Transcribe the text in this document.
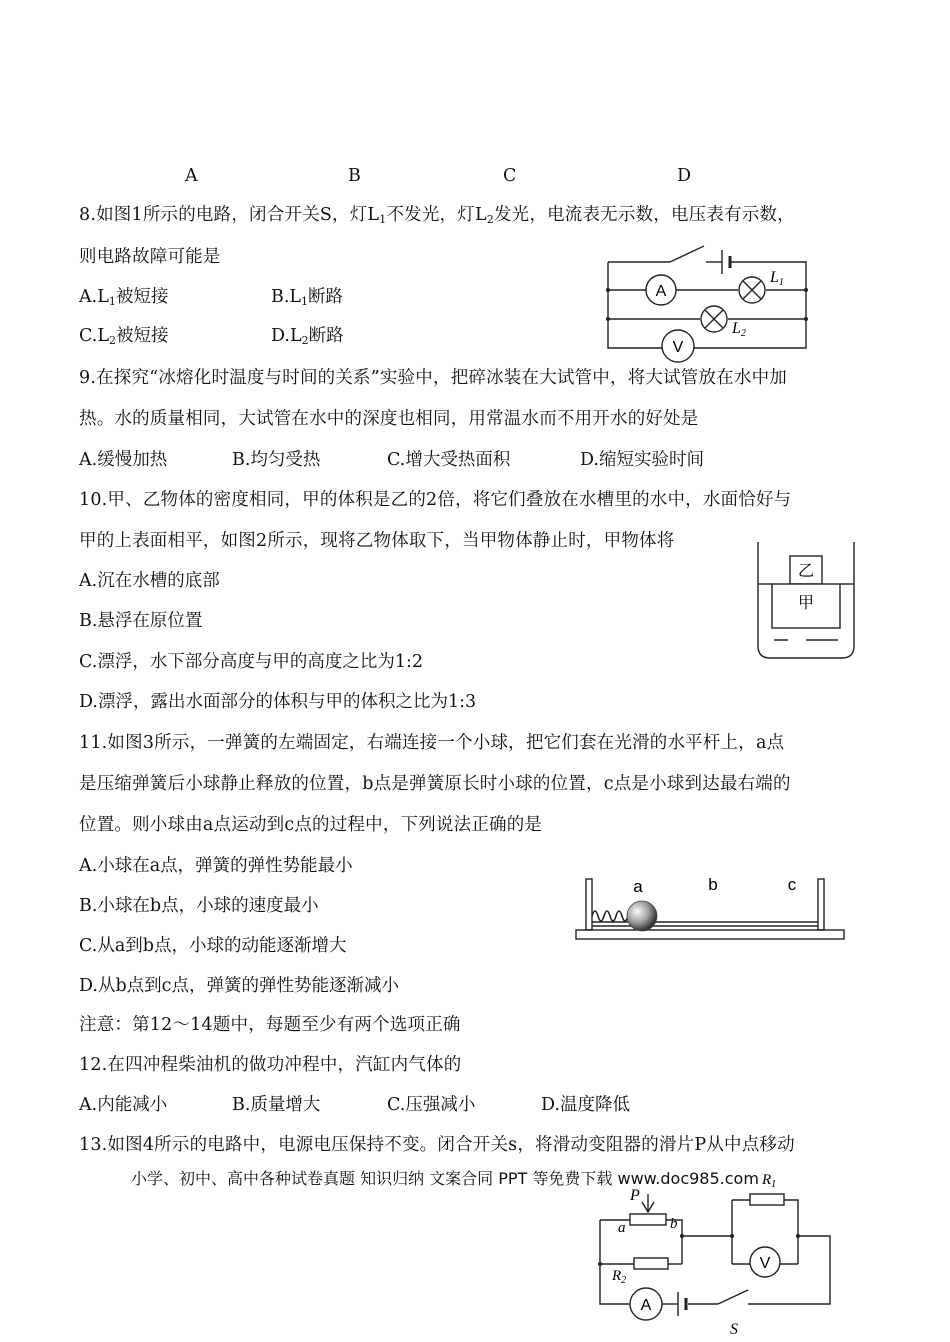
A	B	C	D
8.如图1所示的电路，闭合开关S，灯$L_1$不发光，灯$L_2$发光，电流表无示数，电压表有示数，
则电路故障可能是
$A.L_1$被短接	$B.L_1$断路
$C.L_2$被短接	$D.L_2$断路
A
V
L1
L2
9.在探究“冰熔化时温度与时间的关系”实验中，把碎冰装在大试管中，将大试管放在水中加
热。水的质量相同，大试管在水中的深度也相同，用常温水而不用开水的好处是
A.缓慢加热	B.均匀受热	C.增大受热面积	D.缩短实验时间
10.甲、乙物体的密度相同，甲的体积是乙的2倍，将它们叠放在水槽里的水中，水面恰好与
甲的上表面相平，如图2所示，现将乙物体取下，当甲物体静止时，甲物体将
A.沉在水槽的底部
B.悬浮在原位置
C.漂浮，水下部分高度与甲的高度之比为1:2
D.漂浮，露出水面部分的体积与甲的体积之比为1:3
乙
甲
11.如图3所示，一弹簧的左端固定，右端连接一个小球，把它们套在光滑的水平杆上，a点
是压缩弹簧后小球静止释放的位置，b点是弹簧原长时小球的位置，c点是小球到达最右端的
位置。则小球由a点运动到c点的过程中，下列说法正确的是
A.小球在a点，弹簧的弹性势能最小
B.小球在b点，小球的速度最小
C.从a到b点，小球的动能逐渐增大
D.从b点到c点，弹簧的弹性势能逐渐减小
a	b	c
注意：第12～14题中，每题至少有两个选项正确
12.在四冲程柴油机的做功冲程中，汽缸内气体的
A.内能减小	B.质量增大	C.压强减小	D.温度降低
13.如图4所示的电路中，电源电压保持不变。闭合开关s，将滑动变阻器的滑片P从中点移动
小学、初中、高中各种试卷真题 知识归纳 文案合同 PPT 等免费下载 www.doc985.com
P
a	b
$R_2$
$R_1$
V
A
S
